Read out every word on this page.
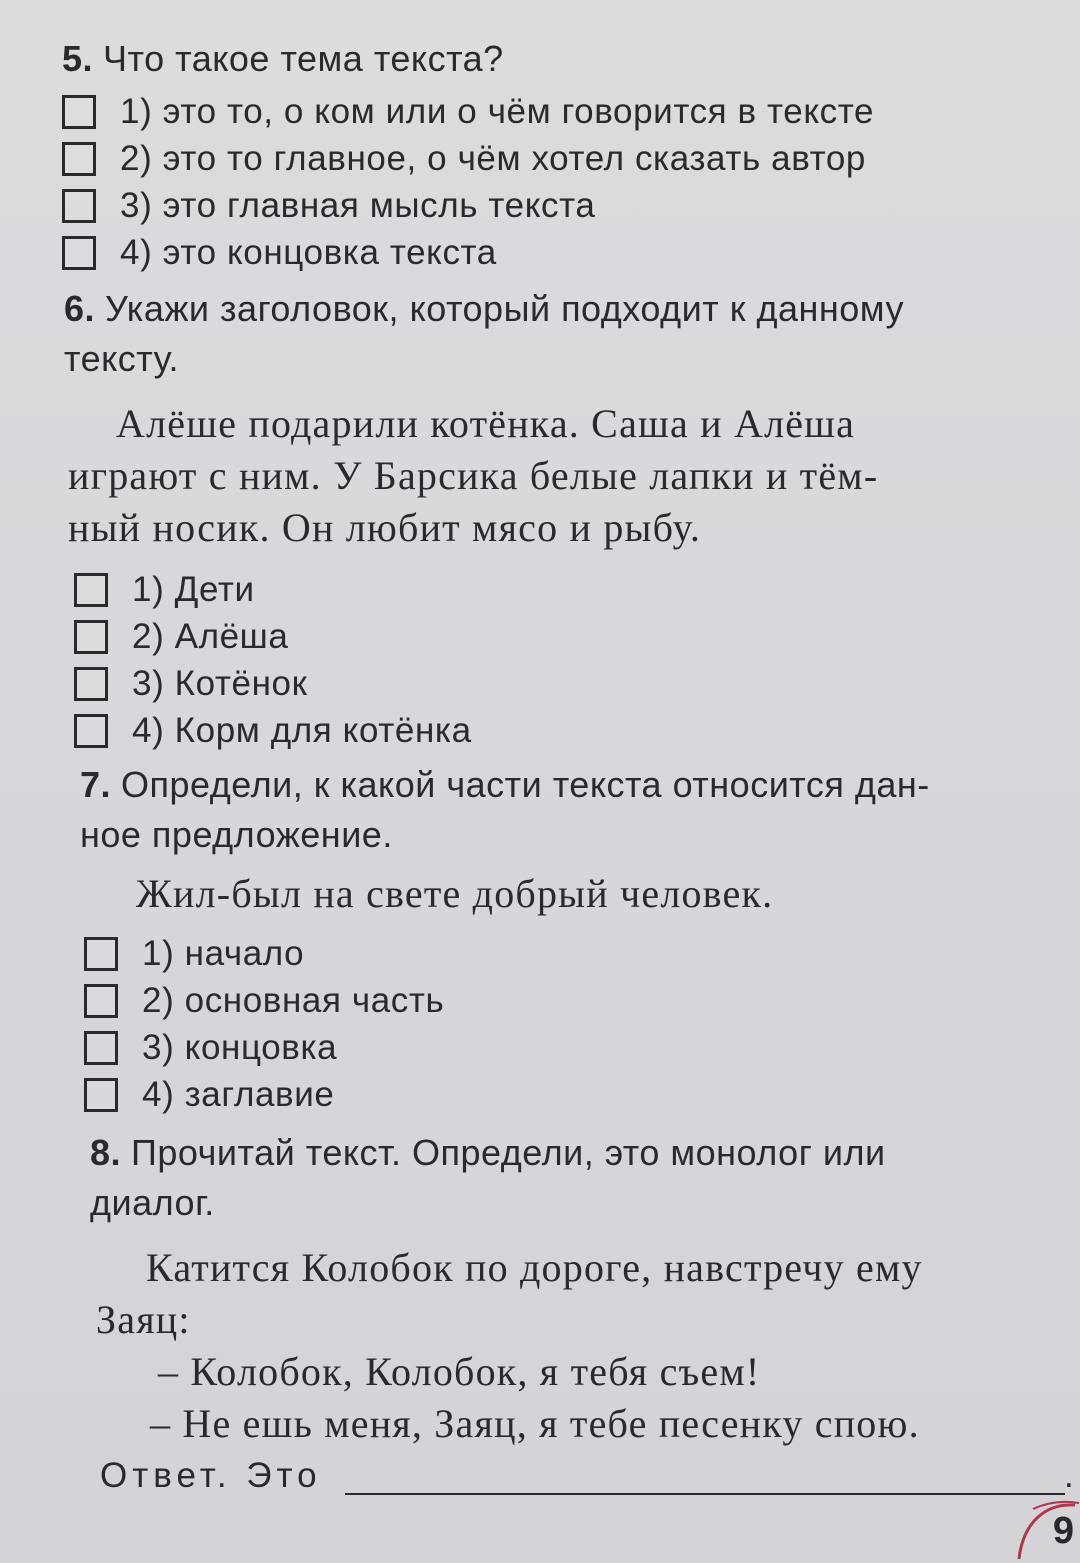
5. Что такое тема текста?
1) это то, о ком или о чём говорится в тексте
2) это то главное, о чём хотел сказать автор
3) это главная мысль текста
4) это концовка текста
6. Укажи заголовок, который подходит к данному
тексту.
Алёше подарили котёнка. Саша и Алёша
играют с ним. У Барсика белые лапки и тём-
ный носик. Он любит мясо и рыбу.
1) Дети
2) Алёша
3) Котёнок
4) Корм для котёнка
7. Определи, к какой части текста относится дан-
ное предложение.
Жил-был на свете добрый человек.
1) начало
2) основная часть
3) концовка
4) заглавие
8. Прочитай текст. Определи, это монолог или
диалог.
Катится Колобок по дороге, навстречу ему
Заяц:
– Колобок, Колобок, я тебя съем!
– Не ешь меня, Заяц, я тебе песенку спою.
Ответ. Это	.
9
